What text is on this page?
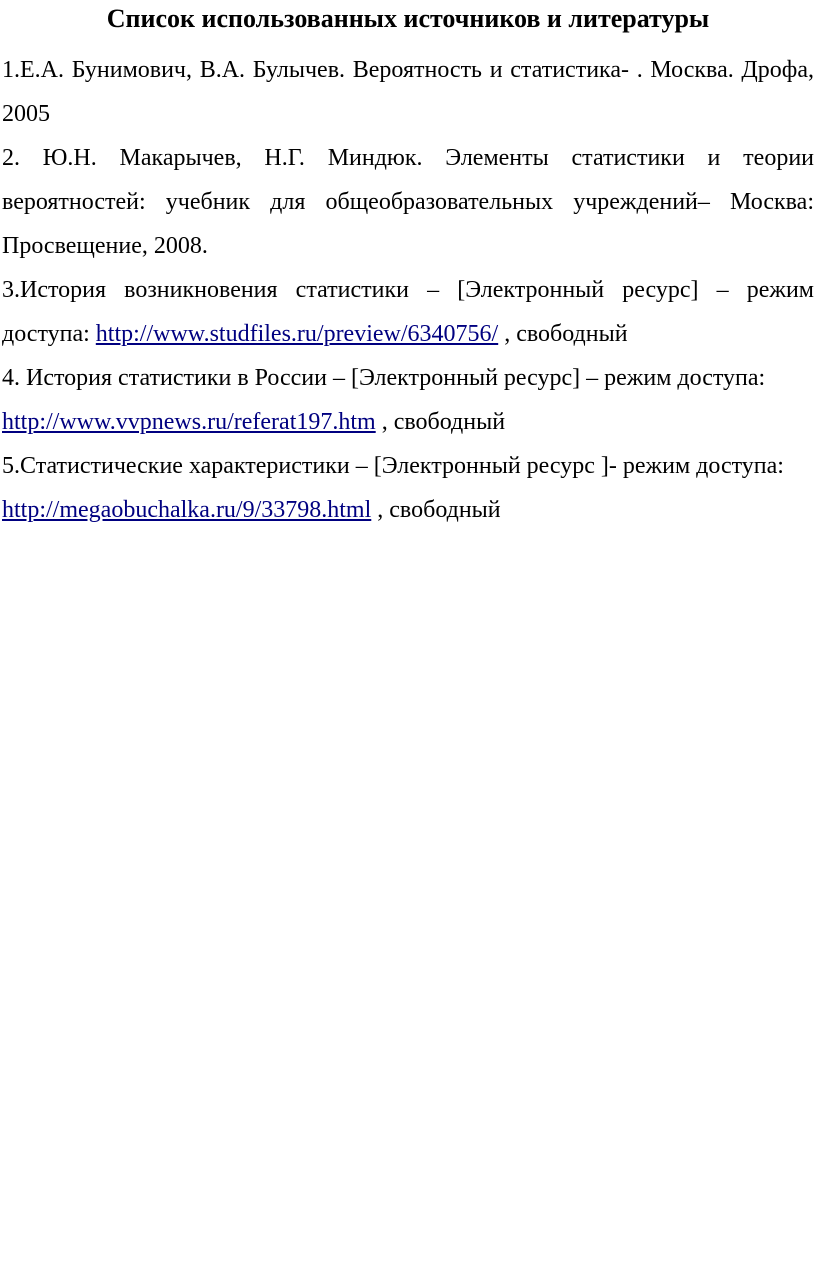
Список использованных источников и литературы

1.Е.А. Бунимович, В.А. Булычев. Вероятность и статистика- . Москва. Дрофа, 2005

2. Ю.Н. Макарычев, Н.Г. Миндюк. Элементы статистики и теории вероятностей: учебник для общеобразовательных учреждений– Москва: Просвещение, 2008.

3.История возникновения статистики – [Электронный ресурс] – режим доступа: http://www.studfiles.ru/preview/6340756/ , свободный

4. История статистики в России – [Электронный ресурс] – режим доступа:
http://www.vvpnews.ru/referat197.htm , свободный

5.Статистические характеристики – [Электронный ресурс ]- режим доступа:
http://megaobuchalka.ru/9/33798.html , свободный
